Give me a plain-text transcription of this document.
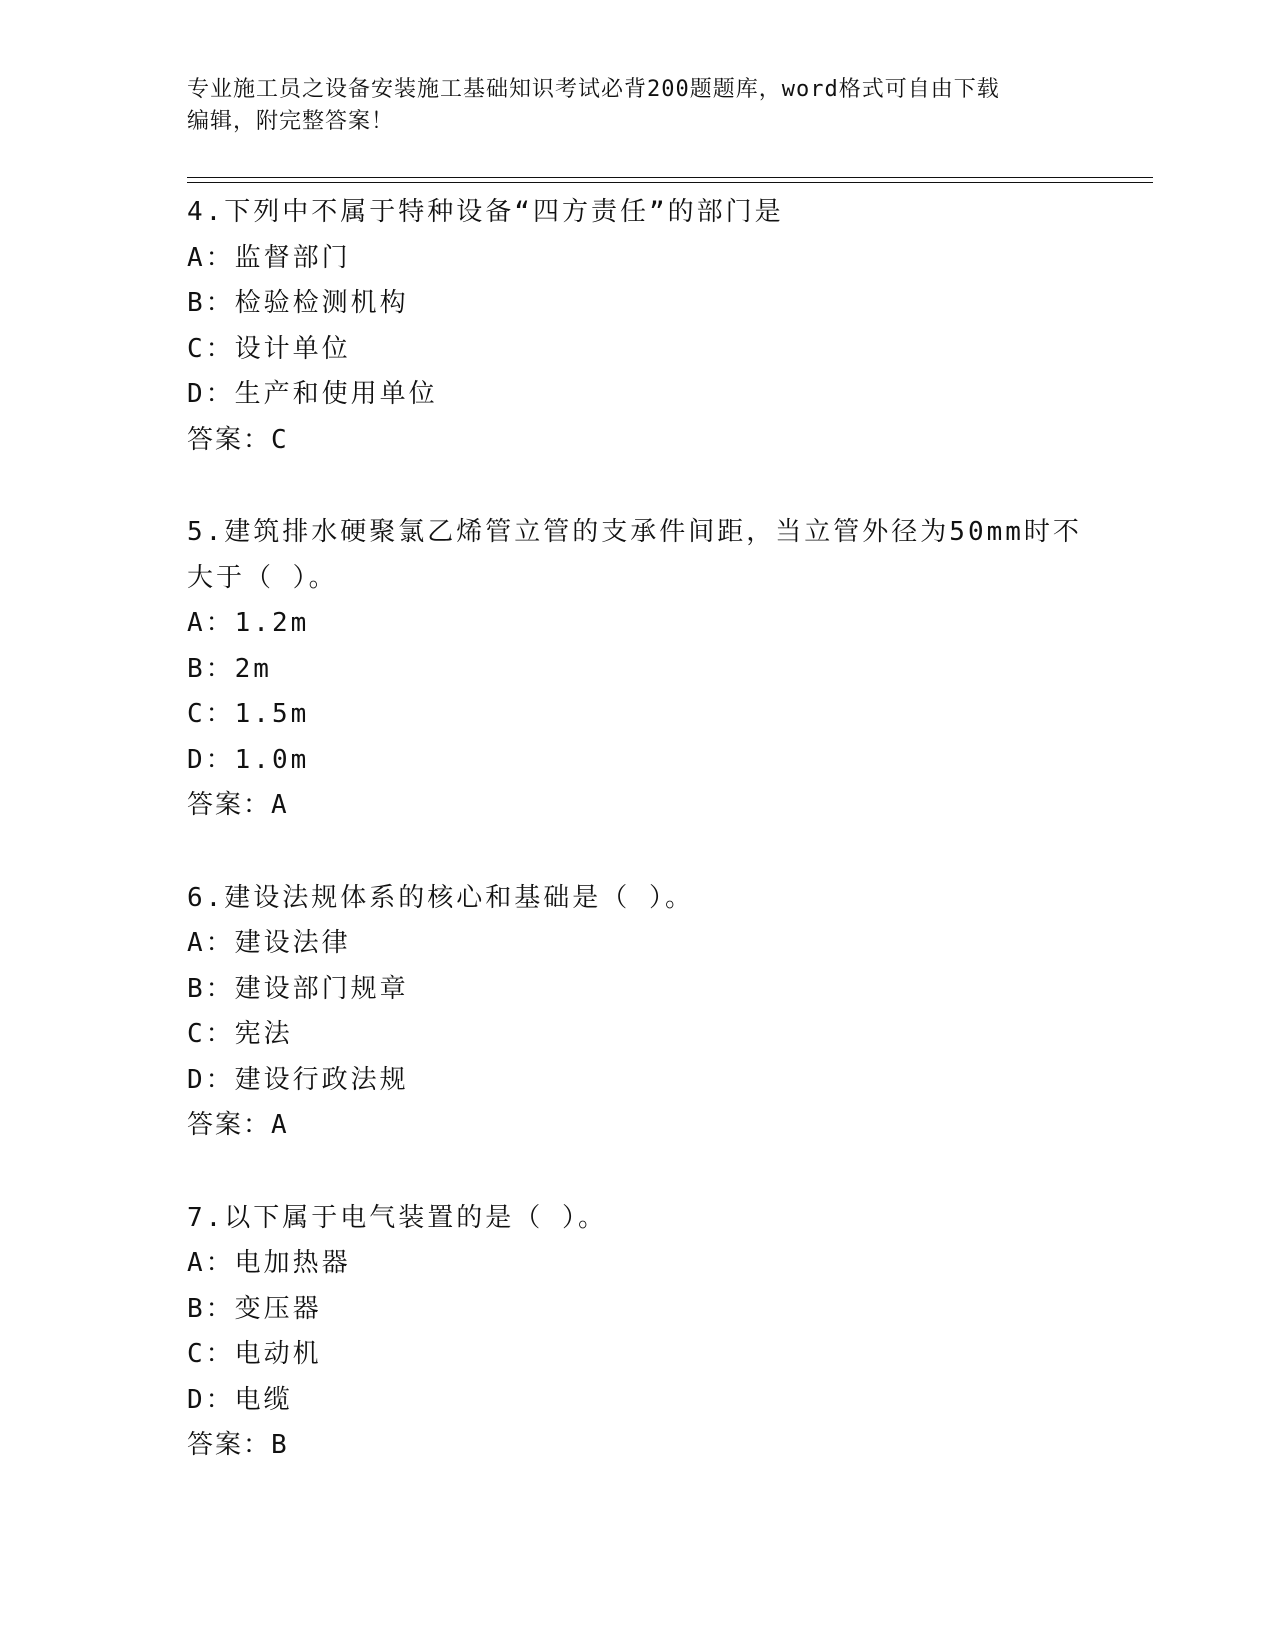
专业施工员之设备安装施工基础知识考试必背200题题库，word格式可自由下载
编辑，附完整答案！
4.下列中不属于特种设备“四方责任”的部门是
A： 监督部门
B： 检验检测机构
C： 设计单位
D： 生产和使用单位
答案：C
5.建筑排水硬聚氯乙烯管立管的支承件间距，当立管外径为50mm时不大于（ ）。
A： 1.2m
B： 2m
C： 1.5m
D： 1.0m
答案：A
6.建设法规体系的核心和基础是（ ）。
A： 建设法律
B： 建设部门规章
C： 宪法
D： 建设行政法规
答案：A
7.以下属于电气装置的是（ ）。
A： 电加热器
B： 变压器
C： 电动机
D： 电缆
答案：B
